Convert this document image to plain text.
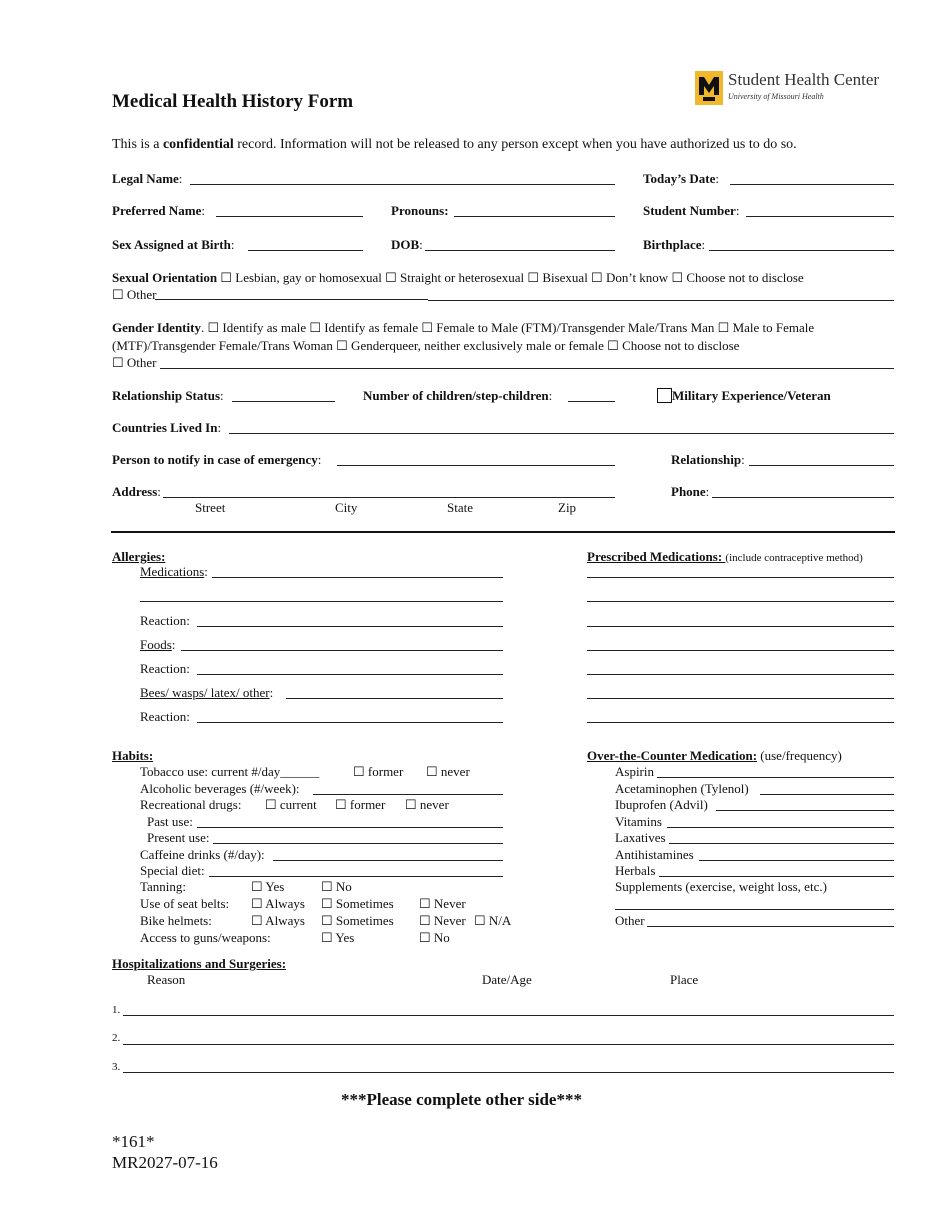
Medical Health History Form
Student Health Center
University of Missouri Health
This is a confidential record. Information will not be released to any person except when you have authorized us to do so.
Legal Name:	Today’s Date:
Preferred Name:	Pronouns:	Student Number:
Sex Assigned at Birth:	DOB:	Birthplace:
Sexual Orientation ☐ Lesbian, gay or homosexual ☐ Straight or heterosexual ☐ Bisexual ☐ Don’t know ☐ Choose not to disclose
☐ Other
Gender Identity. ☐ Identify as male ☐ Identify as female ☐ Female to Male (FTM)/Transgender Male/Trans Man ☐ Male to Female
(MTF)/Transgender Female/Trans Woman ☐ Genderqueer, neither exclusively male or female ☐ Choose not to disclose
☐ Other
Relationship Status:	Number of children/step-children:	Military Experience/Veteran
Countries Lived In:
Person to notify in case of emergency:	Relationship:
Address:	Phone:
Street	City	State	Zip
Allergies:
Medications:
Reaction:
Foods:
Reaction:
Bees/ wasps/ latex/ other:
Reaction:
Prescribed Medications: (include contraceptive method)
Habits:
Tobacco use: current #/day______	☐ former ☐ never
Alcoholic beverages (#/week):
Recreational drugs: ☐ current ☐ former ☐ never
Past use:
Present use:
Caffeine drinks (#/day):
Special diet:
Tanning:	☐ Yes	☐ No
Use of seat belts: ☐ Always ☐ Sometimes ☐ Never
Bike helmets:	☐ Always ☐ Sometimes ☐ Never ☐ N/A
Access to guns/weapons:	☐ Yes	☐ No
Over-the-Counter Medication: (use/frequency)
Aspirin
Acetaminophen (Tylenol)
Ibuprofen (Advil)
Vitamins
Laxatives
Antihistamines
Herbals
Supplements (exercise, weight loss, etc.)
Other
Hospitalizations and Surgeries:
Reason	Date/Age	Place
1.
2.
3.
***Please complete other side***
*161*
MR2027-07-16
